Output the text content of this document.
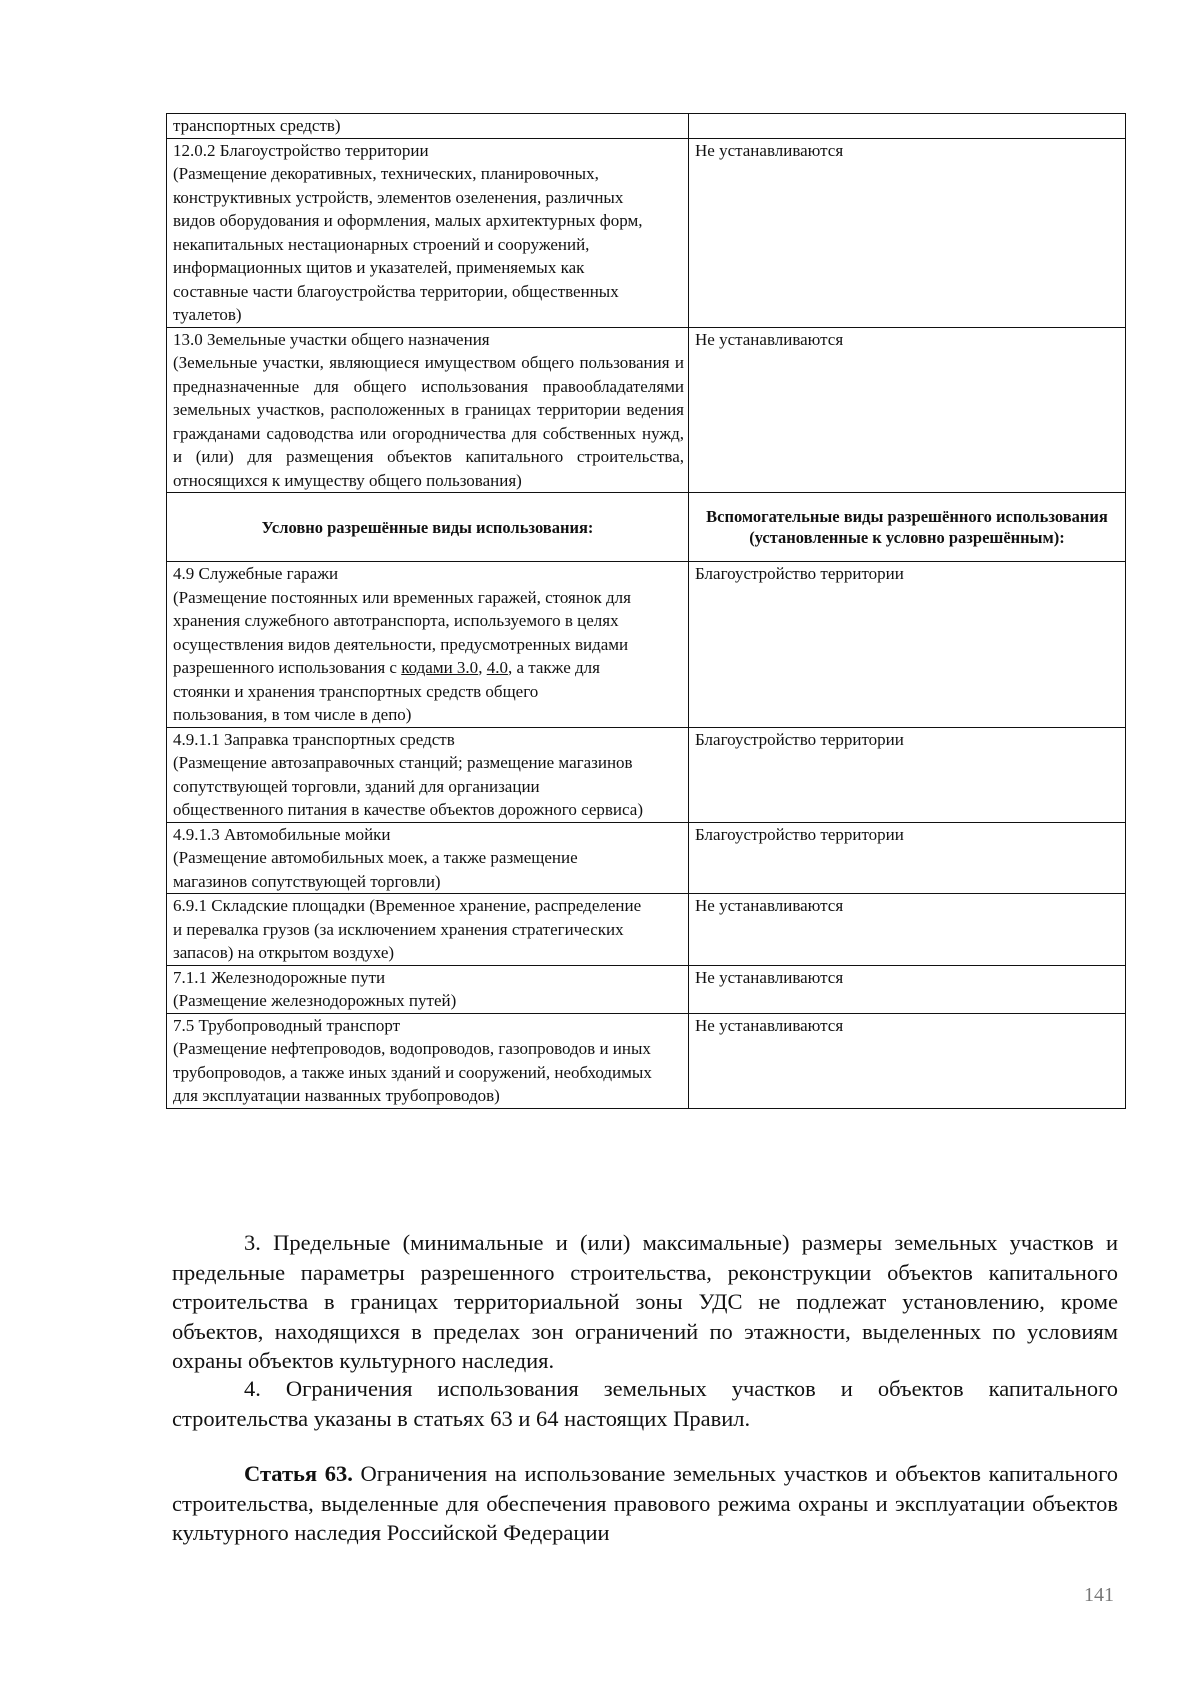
транспортных средств)	

12.0.2 Благоустройство территории
(Размещение декоративных, технических, планировочных, конструктивных устройств, элементов озеленения, различных видов оборудования и оформления, малых архитектурных форм, некапитальных нестационарных строений и сооружений, информационных щитов и указателей, применяемых как составные части благоустройства территории, общественных туалетов)	Не устанавливаются

13.0 Земельные участки общего назначения
(Земельные участки, являющиеся имуществом общего пользования и предназначенные для общего использования правообладателями земельных участков, расположенных в границах территории ведения гражданами садоводства или огородничества для собственных нужд, и (или) для размещения объектов капитального строительства, относящихся к имуществу общего пользования)	Не устанавливаются
Условно разрешённые виды использования:	Вспомогательные виды разрешённого использования (установленные к условно разрешённым):

4.9 Служебные гаражи
(Размещение постоянных или временных гаражей, стоянок для хранения служебного автотранспорта, используемого в целях осуществления видов деятельности, предусмотренных видами разрешенного использования с кодами 3.0, 4.0, а также для стоянки и хранения транспортных средств общего пользования, в том числе в депо)	Благоустройство территории

4.9.1.1 Заправка транспортных средств
(Размещение автозаправочных станций; размещение магазинов сопутствующей торговли, зданий для организации общественного питания в качестве объектов дорожного сервиса)	Благоустройство территории

4.9.1.3 Автомобильные мойки
(Размещение автомобильных моек, а также размещение магазинов сопутствующей торговли)	Благоустройство территории

6.9.1 Складские площадки (Временное хранение, распределение и перевалка грузов (за исключением хранения стратегических запасов) на открытом воздухе)	Не устанавливаются

7.1.1 Железнодорожные пути
(Размещение железнодорожных путей)	Не устанавливаются

7.5 Трубопроводный транспорт
(Размещение нефтепроводов, водопроводов, газопроводов и иных трубопроводов, а также иных зданий и сооружений, необходимых для эксплуатации названных трубопроводов)	Не устанавливаются
3. Предельные (минимальные и (или) максимальные) размеры земельных участков и предельные параметры разрешенного строительства, реконструкции объектов капитального строительства в границах территориальной зоны УДС не подлежат установлению, кроме объектов, находящихся в пределах зон ограничений по этажности, выделенных по условиям охраны объектов культурного наследия.
4. Ограничения использования земельных участков и объектов капитального строительства указаны в статьях 63 и 64 настоящих Правил.
Статья 63. Ограничения на использование земельных участков и объектов капитального строительства, выделенные для обеспечения правового режима охраны и эксплуатации объектов культурного наследия Российской Федерации
141
